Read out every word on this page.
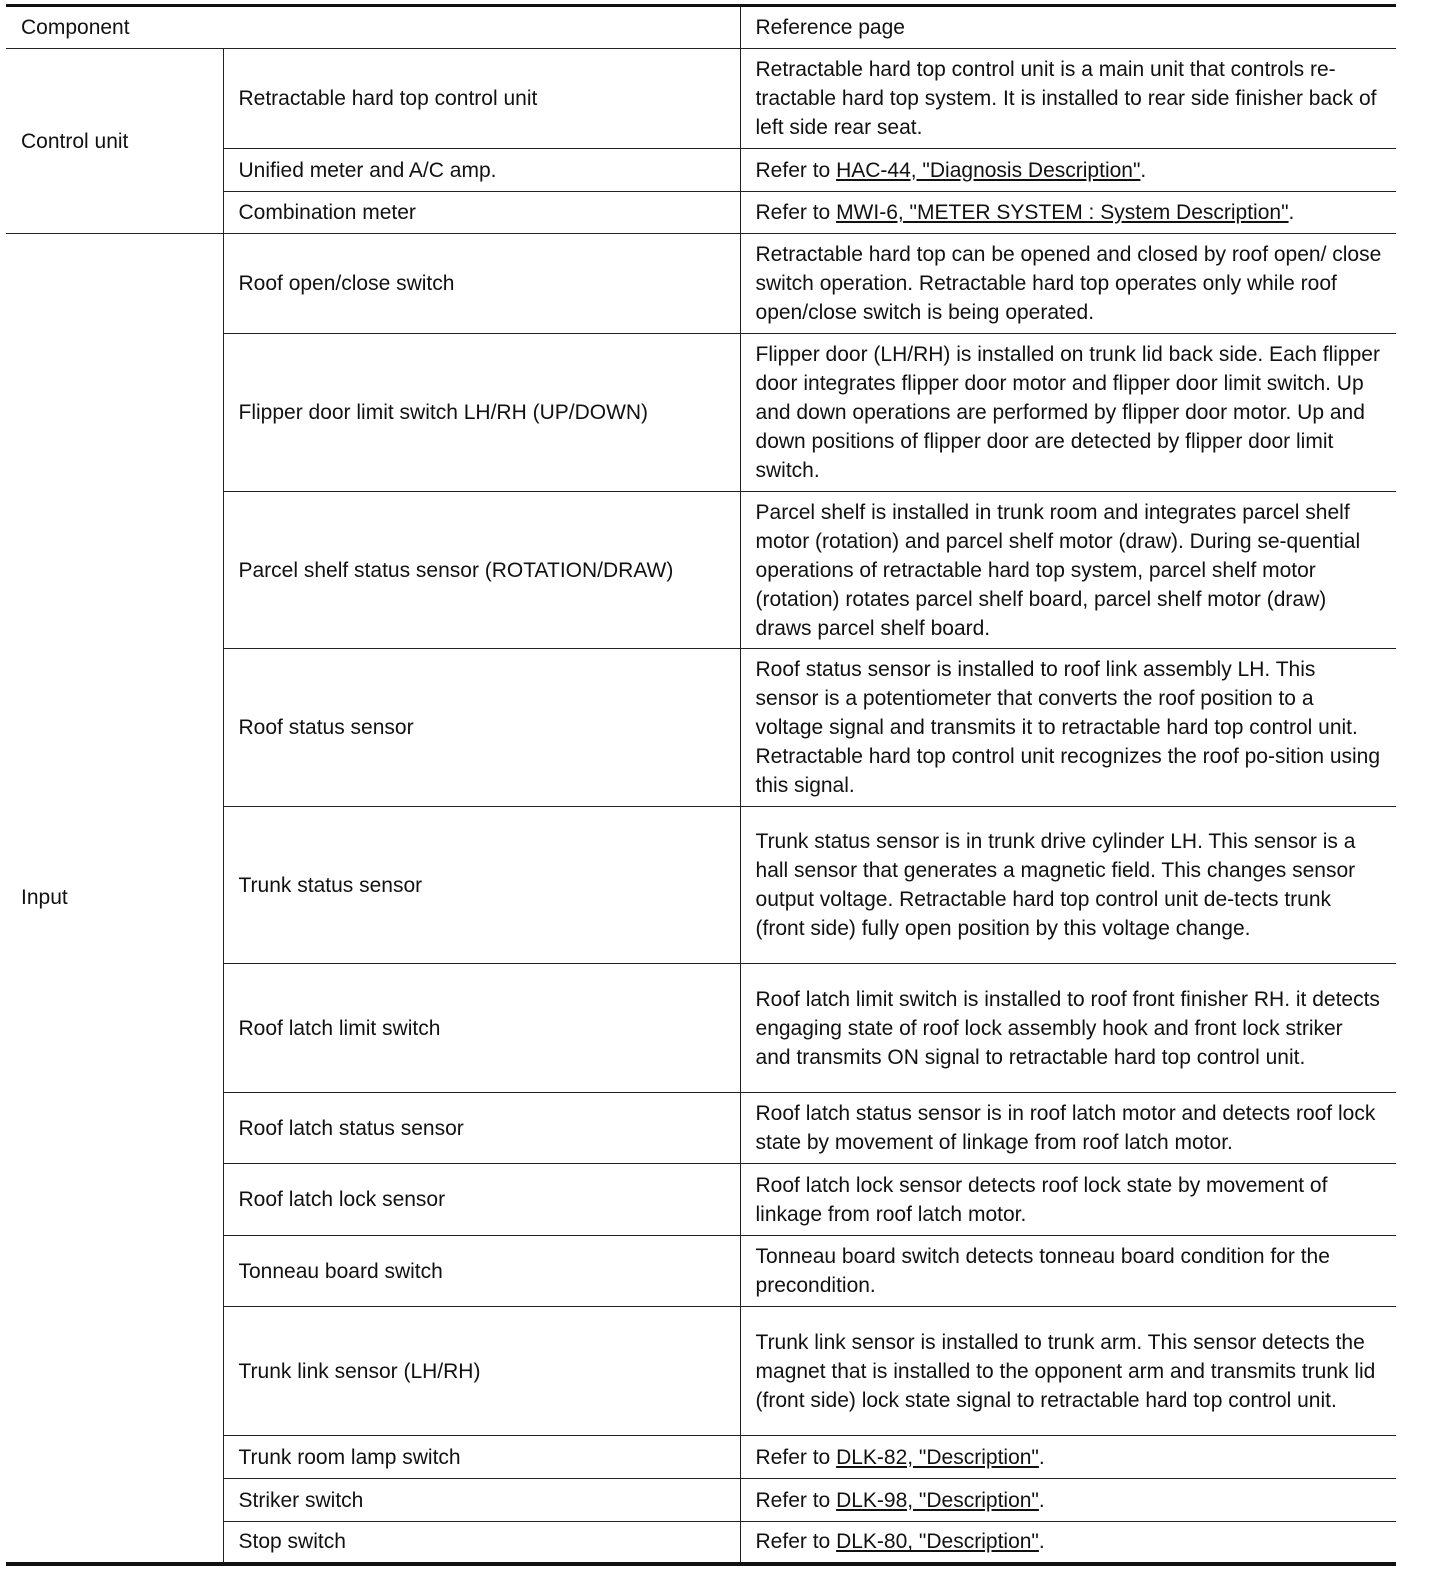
Component		Reference page
Control unit	Retractable hard top control unit	Retractable hard top control unit is a main unit that controls re-tractable hard top system. It is installed to rear side finisher back of left side rear seat.
	Unified meter and A/C amp.	Refer to HAC-44, "Diagnosis Description".
	Combination meter	Refer to MWI-6, "METER SYSTEM : System Description".
Input	Roof open/close switch	Retractable hard top can be opened and closed by roof open/ close switch operation. Retractable hard top operates only while roof open/close switch is being operated.
	Flipper door limit switch LH/RH (UP/DOWN)	Flipper door (LH/RH) is installed on trunk lid back side. Each flipper door integrates flipper door motor and flipper door limit switch. Up and down operations are performed by flipper door motor. Up and down positions of flipper door are detected by flipper door limit switch.
	Parcel shelf status sensor (ROTATION/DRAW)	Parcel shelf is installed in trunk room and integrates parcel shelf motor (rotation) and parcel shelf motor (draw). During se-quential operations of retractable hard top system, parcel shelf motor (rotation) rotates parcel shelf board, parcel shelf motor (draw) draws parcel shelf board.
	Roof status sensor	Roof status sensor is installed to roof link assembly LH. This sensor is a potentiometer that converts the roof position to a voltage signal and transmits it to retractable hard top control unit. Retractable hard top control unit recognizes the roof po-sition using this signal.
	Trunk status sensor	Trunk status sensor is in trunk drive cylinder LH. This sensor is a hall sensor that generates a magnetic field. This changes sensor output voltage. Retractable hard top control unit de-tects trunk (front side) fully open position by this voltage change.
	Roof latch limit switch	Roof latch limit switch is installed to roof front finisher RH. it detects engaging state of roof lock assembly hook and front lock striker and transmits ON signal to retractable hard top control unit.
	Roof latch status sensor	Roof latch status sensor is in roof latch motor and detects roof lock state by movement of linkage from roof latch motor.
	Roof latch lock sensor	Roof latch lock sensor detects roof lock state by movement of linkage from roof latch motor.
	Tonneau board switch	Tonneau board switch detects tonneau board condition for the precondition.
	Trunk link sensor (LH/RH)	Trunk link sensor is installed to trunk arm. This sensor detects the magnet that is installed to the opponent arm and transmits trunk lid (front side) lock state signal to retractable hard top control unit.
	Trunk room lamp switch	Refer to DLK-82, "Description".
	Striker switch	Refer to DLK-98, "Description".
	Stop switch	Refer to DLK-80, "Description".
